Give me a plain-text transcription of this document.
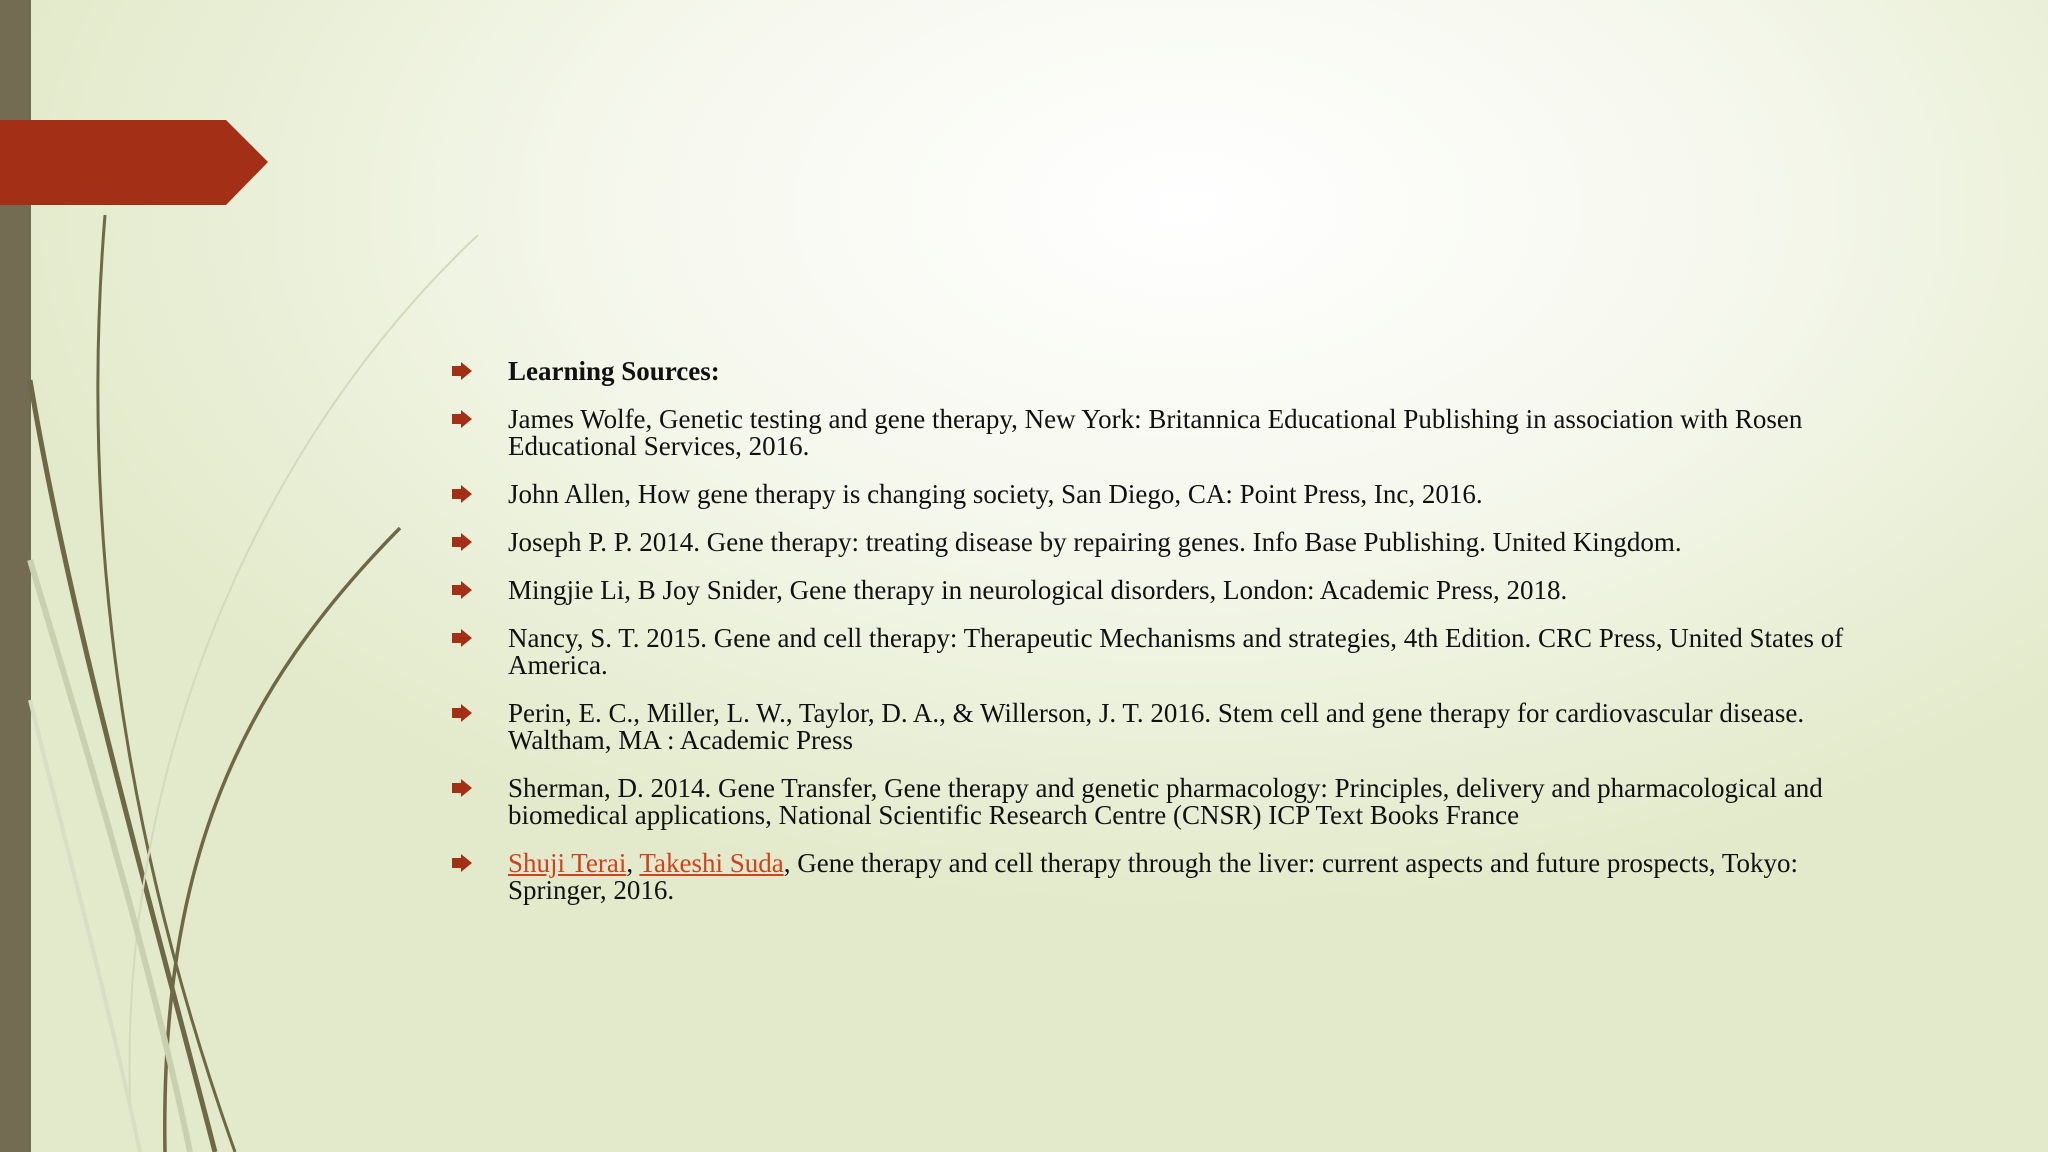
Learning Sources:
James Wolfe, Genetic testing and gene therapy, New York: Britannica Educational Publishing in association with Rosen Educational Services, 2016.
John Allen, How gene therapy is changing society, San Diego, CA: Point Press, Inc, 2016.
Joseph P. P. 2014. Gene therapy: treating disease by repairing genes. Info Base Publishing. United Kingdom.
Mingjie Li, B Joy Snider, Gene therapy in neurological disorders, London: Academic Press, 2018.
Nancy, S. T. 2015. Gene and cell therapy: Therapeutic Mechanisms and strategies, 4th Edition. CRC Press, United States of America.
Perin, E. C., Miller, L. W., Taylor, D. A., & Willerson, J. T. 2016. Stem cell and gene therapy for cardiovascular disease. Waltham, MA : Academic Press
Sherman, D. 2014. Gene Transfer, Gene therapy and genetic pharmacology: Principles, delivery and pharmacological and biomedical applications, National Scientific Research Centre (CNSR) ICP Text Books France
Shuji Terai, Takeshi Suda, Gene therapy and cell therapy through the liver: current aspects and future prospects, Tokyo: Springer, 2016.
